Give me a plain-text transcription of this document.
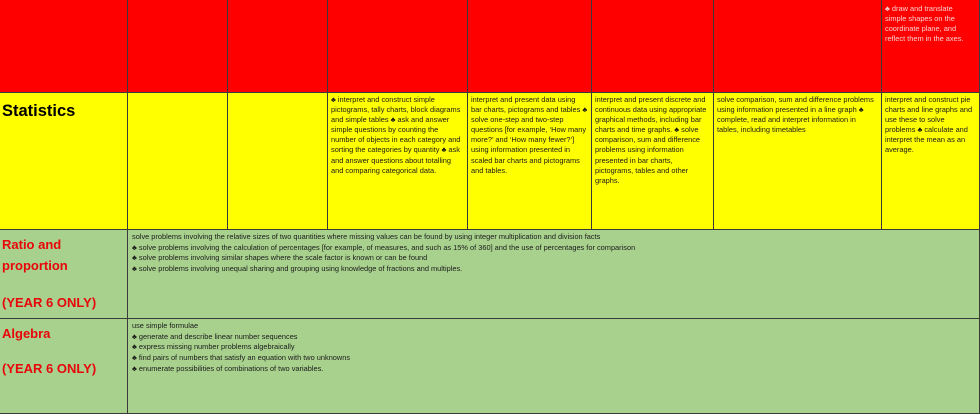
♣ draw and translate simple shapes on the coordinate plane, and reflect them in the axes.
Statistics
♣ interpret and construct simple pictograms, tally charts, block diagrams and simple tables ♣ ask and answer simple questions by counting the number of objects in each category and sorting the categories by quantity ♣ ask and answer questions about totalling and comparing categorical data.
interpret and present data using bar charts, pictograms and tables ♣ solve one-step and two-step questions [for example, ‘How many more?’ and ‘How many fewer?’] using information presented in scaled bar charts and pictograms and tables.
interpret and present discrete and continuous data using appropriate graphical methods, including bar charts and time graphs. ♣ solve comparison, sum and difference problems using information presented in bar charts, pictograms, tables and other graphs.
solve comparison, sum and difference problems using information presented in a line graph ♣ complete, read and interpret information in tables, including timetables
interpret and construct pie charts and line graphs and use these to solve problems ♣ calculate and interpret the mean as an average.
Ratio and
proportion
(YEAR 6 ONLY)
solve problems involving the relative sizes of two quantities where missing values can be found by using integer multiplication and division facts
♣ solve problems involving the calculation of percentages [for example, of measures, and such as 15% of 360] and the use of percentages for comparison
♣ solve problems involving similar shapes where the scale factor is known or can be found
♣ solve problems involving unequal sharing and grouping using knowledge of fractions and multiples.
Algebra
(YEAR 6 ONLY)
use simple formulae
♣ generate and describe linear number sequences
♣ express missing number problems algebraically
♣ find pairs of numbers that satisfy an equation with two unknowns
♣ enumerate possibilities of combinations of two variables.
